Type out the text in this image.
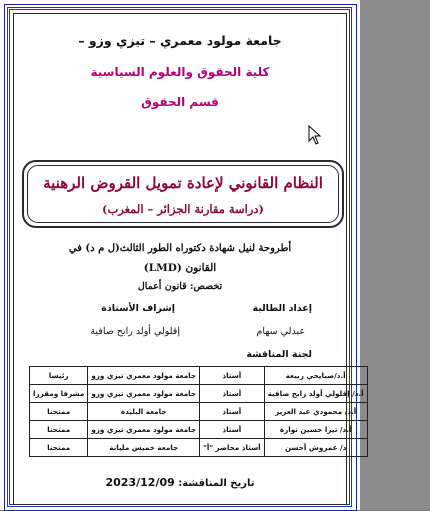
جامعة مولود معمري – تيزي وزو –
كلية الحقوق والعلوم السياسية
قسم الحقوق
النظام القانوني لإعادة تمويل القروض الرهنية
(دراسة مقارنة الجزائر – المغرب)
أطروحة لنيل شهادة دكتوراه الطور الثالث(ل م د) في
القانون (LMD)
تخصص: قانون أعمال
إعداد الطالبة
إشراف الأستاذة
عبدلي سهام
إقلولي أولد رابح صافية
لجنة المناقشة
أ.د/صبايحي ربيعة	أستاذ	جامعة مولود معمري تيزي وزو	رئيسا
أ.د/ إقلولي أولد رابح صافية	أستاذ	جامعة مولود معمري تيزي وزو	مشرفا ومقررا
أ.د/ محمودي عبد العزيز	أستاذ	جامعة البليدة	ممتحنا
أ.د/ تيزا حسين نوارة	أستاذ	جامعة مولود معمري تيزي وزو	ممتحنا
د/ عمروش أحسن	أستاذ محاضر "أ"	جامعة خميس مليانة	ممتحنا
تاريخ المناقشة: 2023/12/09
